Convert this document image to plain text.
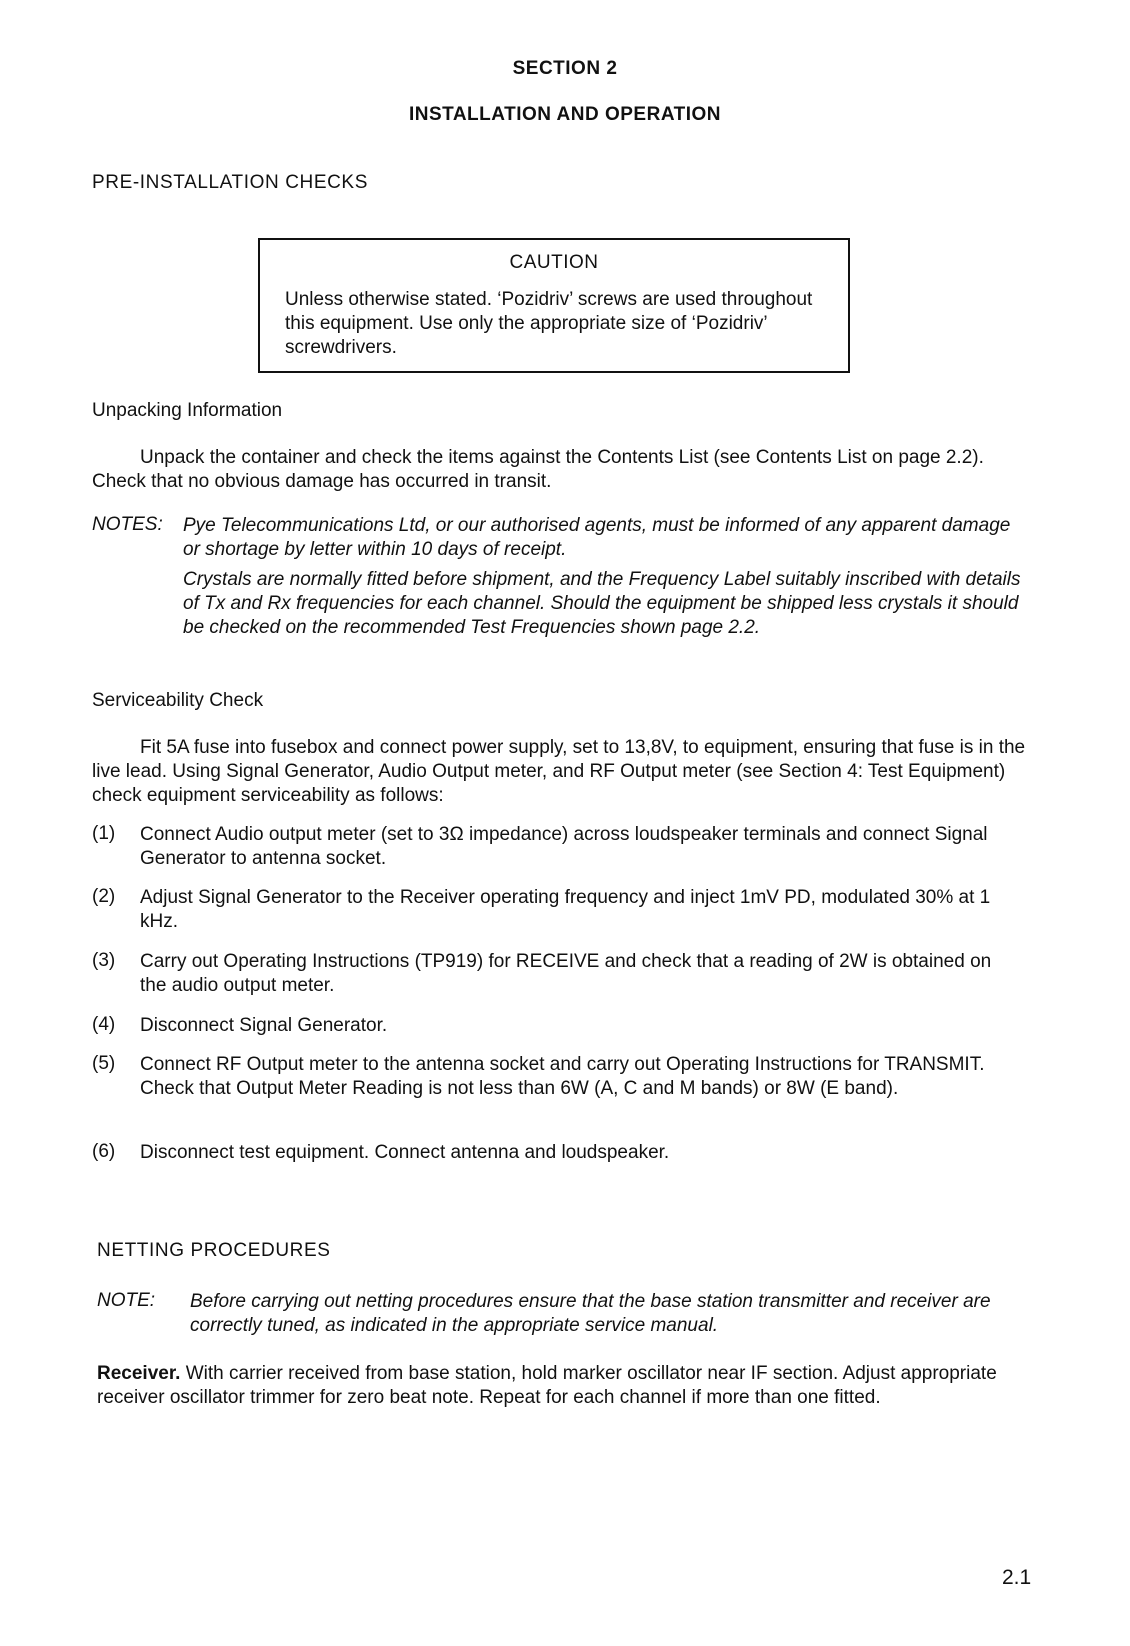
SECTION 2
INSTALLATION AND OPERATION
PRE-INSTALLATION CHECKS
CAUTION
Unless otherwise stated. ‘Pozidriv’ screws are used throughout this equipment. Use only the appropriate size of ‘Pozidriv’ screwdrivers.
Unpacking Information
Unpack the container and check the items against the Contents List (see Contents List on page 2.2). Check that no obvious damage has occurred in transit.
NOTES: Pye Telecommunications Ltd, or our authorised agents, must be informed of any apparent damage or shortage by letter within 10 days of receipt.
Crystals are normally fitted before shipment, and the Frequency Label suitably inscribed with details of Tx and Rx frequencies for each channel. Should the equipment be shipped less crystals it should be checked on the recommended Test Frequencies shown page 2.2.
Serviceability Check
Fit 5A fuse into fusebox and connect power supply, set to 13,8V, to equipment, ensuring that fuse is in the live lead. Using Signal Generator, Audio Output meter, and RF Output meter (see Section 4: Test Equipment) check equipment serviceability as follows:
(1) Connect Audio output meter (set to 3Ω impedance) across loudspeaker terminals and connect Signal Generator to antenna socket.
(2) Adjust Signal Generator to the Receiver operating frequency and inject 1mV PD, modulated 30% at 1 kHz.
(3) Carry out Operating Instructions (TP919) for RECEIVE and check that a reading of 2W is obtained on the audio output meter.
(4) Disconnect Signal Generator.
(5) Connect RF Output meter to the antenna socket and carry out Operating Instructions for TRANSMIT. Check that Output Meter Reading is not less than 6W (A, C and M bands) or 8W (E band).
(6) Disconnect test equipment. Connect antenna and loudspeaker.
NETTING PROCEDURES
NOTE: Before carrying out netting procedures ensure that the base station transmitter and receiver are correctly tuned, as indicated in the appropriate service manual.
Receiver. With carrier received from base station, hold marker oscillator near IF section. Adjust appropriate receiver oscillator trimmer for zero beat note. Repeat for each channel if more than one fitted.
2.1
